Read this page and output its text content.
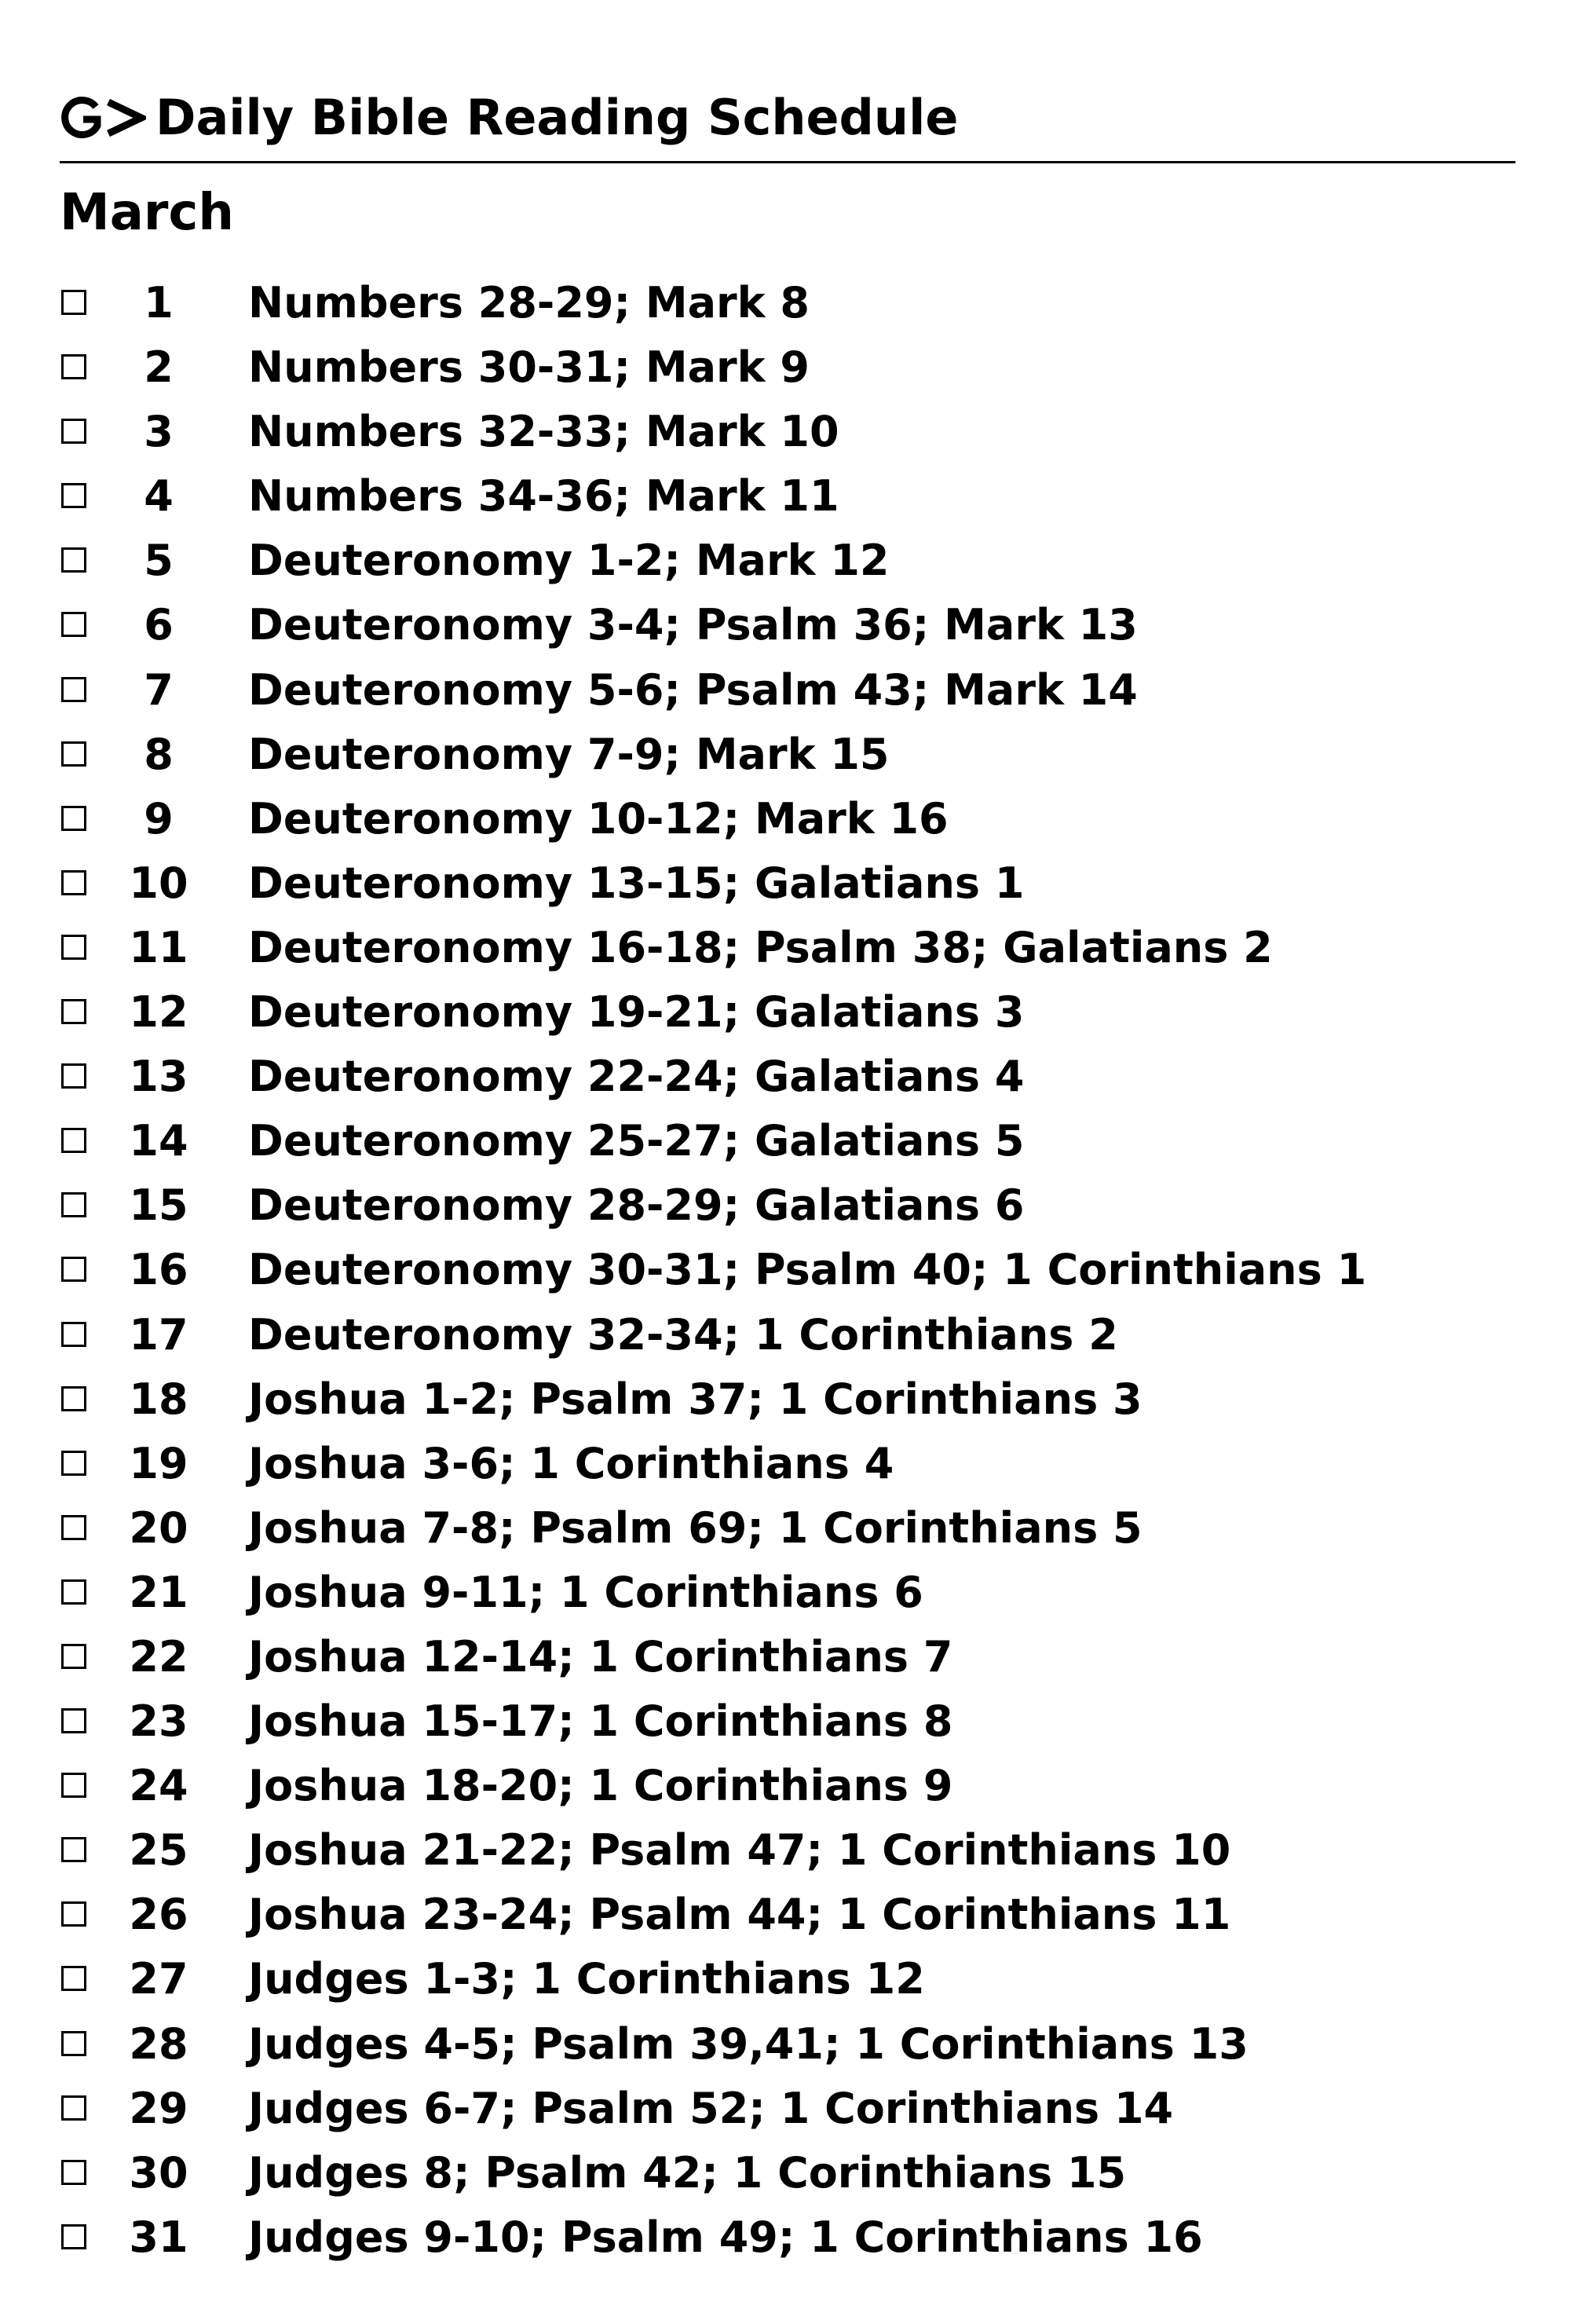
Daily Bible Reading Schedule
March
1	Numbers 28-29; Mark 8
2	Numbers 30-31; Mark 9
3	Numbers 32-33; Mark 10
4	Numbers 34-36; Mark 11
5	Deuteronomy 1-2; Mark 12
6	Deuteronomy 3-4; Psalm 36; Mark 13
7	Deuteronomy 5-6; Psalm 43; Mark 14
8	Deuteronomy 7-9; Mark 15
9	Deuteronomy 10-12; Mark 16
10	Deuteronomy 13-15; Galatians 1
11	Deuteronomy 16-18; Psalm 38; Galatians 2
12	Deuteronomy 19-21; Galatians 3
13	Deuteronomy 22-24; Galatians 4
14	Deuteronomy 25-27; Galatians 5
15	Deuteronomy 28-29; Galatians 6
16	Deuteronomy 30-31; Psalm 40; 1 Corinthians 1
17	Deuteronomy 32-34; 1 Corinthians 2
18	Joshua 1-2; Psalm 37; 1 Corinthians 3
19	Joshua 3-6; 1 Corinthians 4
20	Joshua 7-8; Psalm 69; 1 Corinthians 5
21	Joshua 9-11; 1 Corinthians 6
22	Joshua 12-14; 1 Corinthians 7
23	Joshua 15-17; 1 Corinthians 8
24	Joshua 18-20; 1 Corinthians 9
25	Joshua 21-22; Psalm 47; 1 Corinthians 10
26	Joshua 23-24; Psalm 44; 1 Corinthians 11
27	Judges 1-3; 1 Corinthians 12
28	Judges 4-5; Psalm 39,41; 1 Corinthians 13
29	Judges 6-7; Psalm 52; 1 Corinthians 14
30	Judges 8; Psalm 42; 1 Corinthians 15
31	Judges 9-10; Psalm 49; 1 Corinthians 16
